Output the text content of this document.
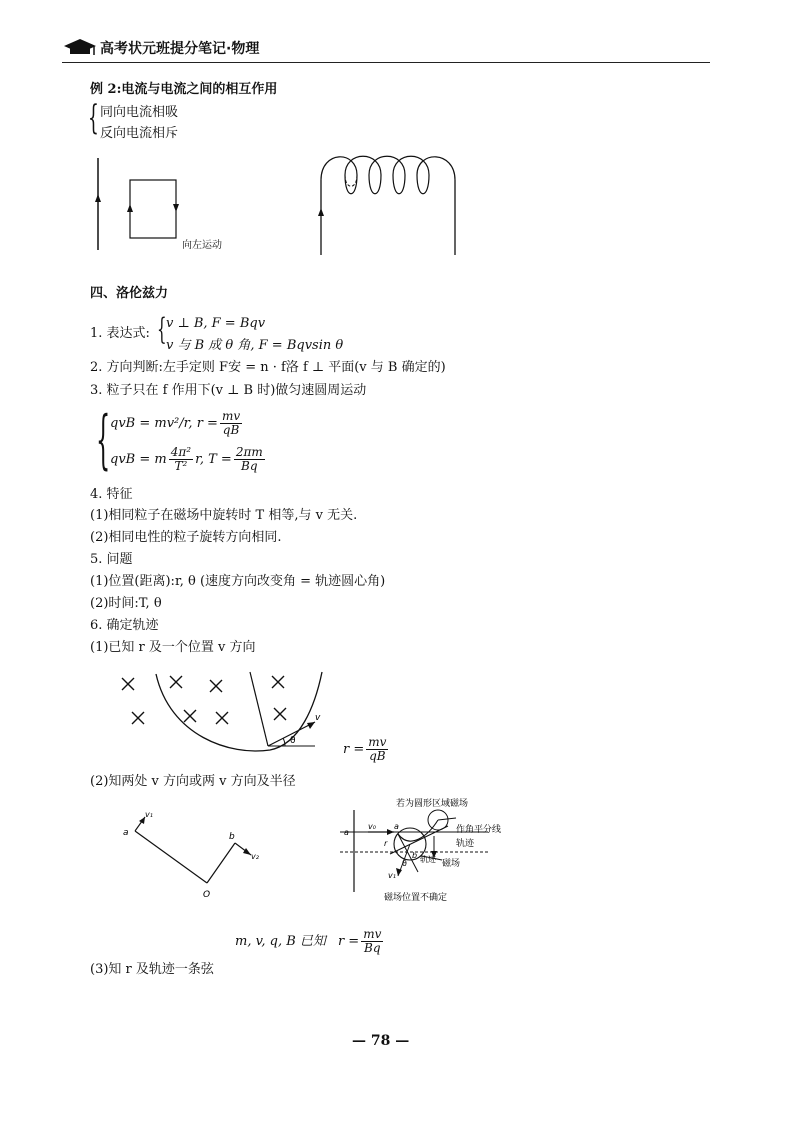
高考状元班提分笔记·物理
例 2:电流与电流之间的相互作用
{ 同向电流相吸
反向电流相斥
向左运动
四、洛伦兹力
1. 表达式: { v ⊥ B, F = Bqv
v 与 B 成 θ 角, F = Bqvsin θ
2. 方向判断:左手定则 F安 = n · f洛 f ⊥ 平面(v 与 B 确定的)
3. 粒子只在 f 作用下(v ⊥ B 时)做匀速圆周运动
{ qvB = mv²/r, $r = \frac{mv}{qB}$
qvB = m $\frac{\text{4π²}}{\text{T²}} r$, $T = \frac{2\pi m}{Bq}$
4. 特征
(1)相同粒子在磁场中旋转时 T 相等,与 v 无关.
(2)相同电性的粒子旋转方向相同.
5. 问题
(1)位置(距离):r, θ (速度方向改变角 = 轨迹圆心角)
(2)时间:T, θ
6. 确定轨迹
(1)已知 r 及一个位置 v 方向
v
θ
$r = \frac{mv}{qB}$
(2)知两处 v 方向或两 v 方向及半径
a
v₁
b
v₂
O
若为圆形区域磁场
作角平分线
轨迹
轨迹 磁场
a
v₀ a
r
b
θ
v₁
磁场位置不确定
m, v, q, B 已知 $r = \frac{mv}{Bq}$
(3)知 r 及轨迹一条弦
— 78 —
